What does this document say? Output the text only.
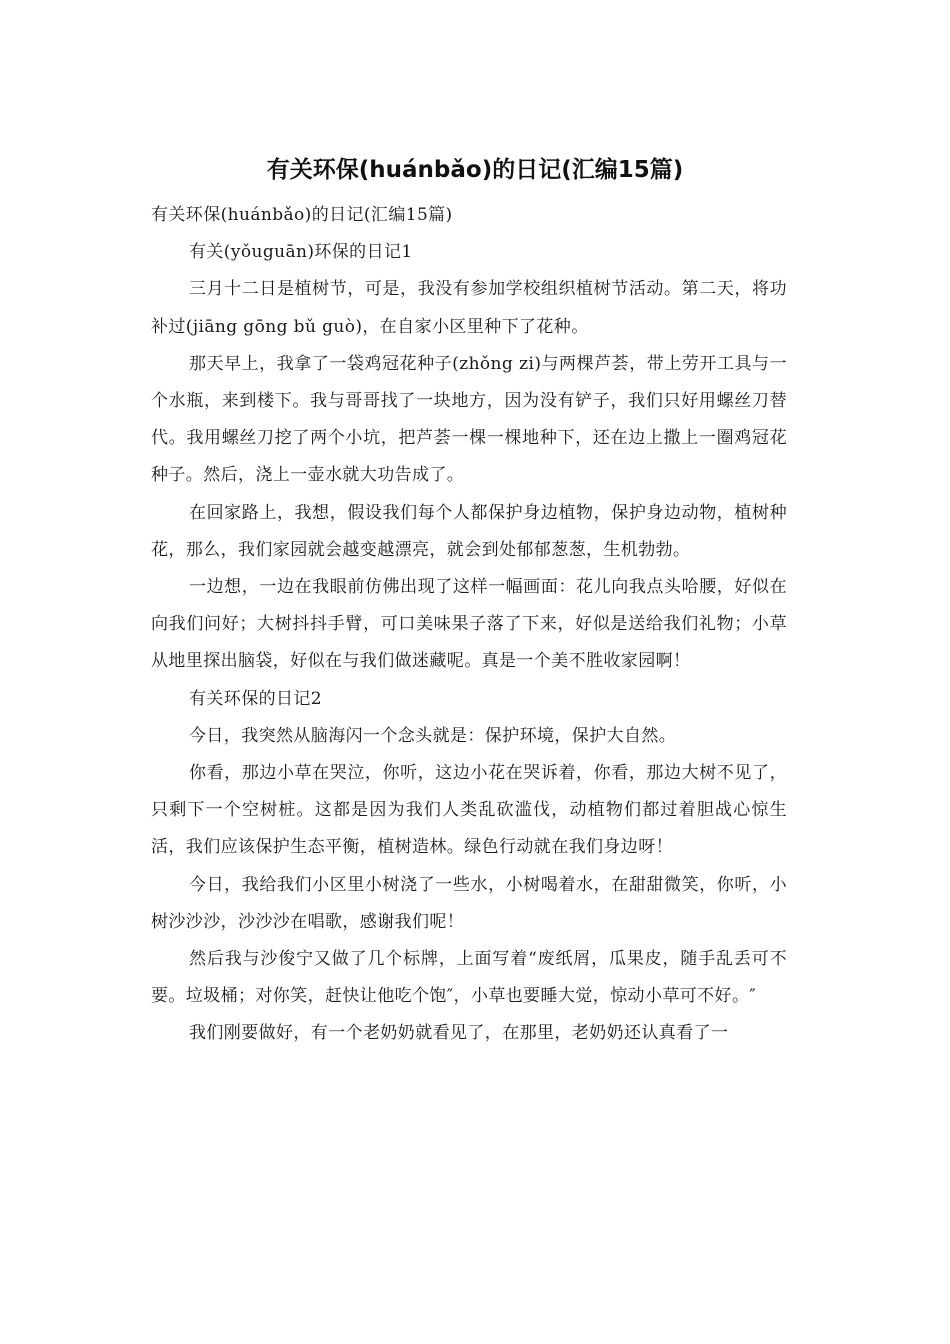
有关环保(huánbǎo)的日记(汇编15篇)

有关环保(huánbǎo)的日记(汇编15篇)

有关(yǒuguān)环保的日记1

三月十二日是植树节，可是，我没有参加学校组织植树节活动。第二天，将功补过(jiāng gōng bǔ guò)，在自家小区里种下了花种。

那天早上，我拿了一袋鸡冠花种子(zhǒng zi)与两棵芦荟，带上劳开工具与一个水瓶，来到楼下。我与哥哥找了一块地方，因为没有铲子，我们只好用螺丝刀替代。我用螺丝刀挖了两个小坑，把芦荟一棵一棵地种下，还在边上撒上一圈鸡冠花种子。然后，浇上一壶水就大功告成了。

在回家路上，我想，假设我们每个人都保护身边植物，保护身边动物，植树种花，那么，我们家园就会越变越漂亮，就会到处郁郁葱葱，生机勃勃。

一边想，一边在我眼前仿佛出现了这样一幅画面：花儿向我点头哈腰，好似在向我们问好；大树抖抖手臂，可口美味果子落了下来，好似是送给我们礼物；小草从地里探出脑袋，好似在与我们做迷藏呢。真是一个美不胜收家园啊！

有关环保的日记2

今日，我突然从脑海闪一个念头就是：保护环境，保护大自然。

你看，那边小草在哭泣，你听，这边小花在哭诉着，你看，那边大树不见了，只剩下一个空树桩。这都是因为我们人类乱砍滥伐，动植物们都过着胆战心惊生活，我们应该保护生态平衡，植树造林。绿色行动就在我们身边呀！

今日，我给我们小区里小树浇了一些水，小树喝着水，在甜甜微笑，你听，小树沙沙沙，沙沙沙在唱歌，感谢我们呢！

然后我与沙俊宁又做了几个标牌，上面写着“废纸屑，瓜果皮，随手乱丢可不要。垃圾桶；对你笑，赶快让他吃个饱″，小草也要睡大觉，惊动小草可不好。″

我们刚要做好，有一个老奶奶就看见了，在那里，老奶奶还认真看了一
